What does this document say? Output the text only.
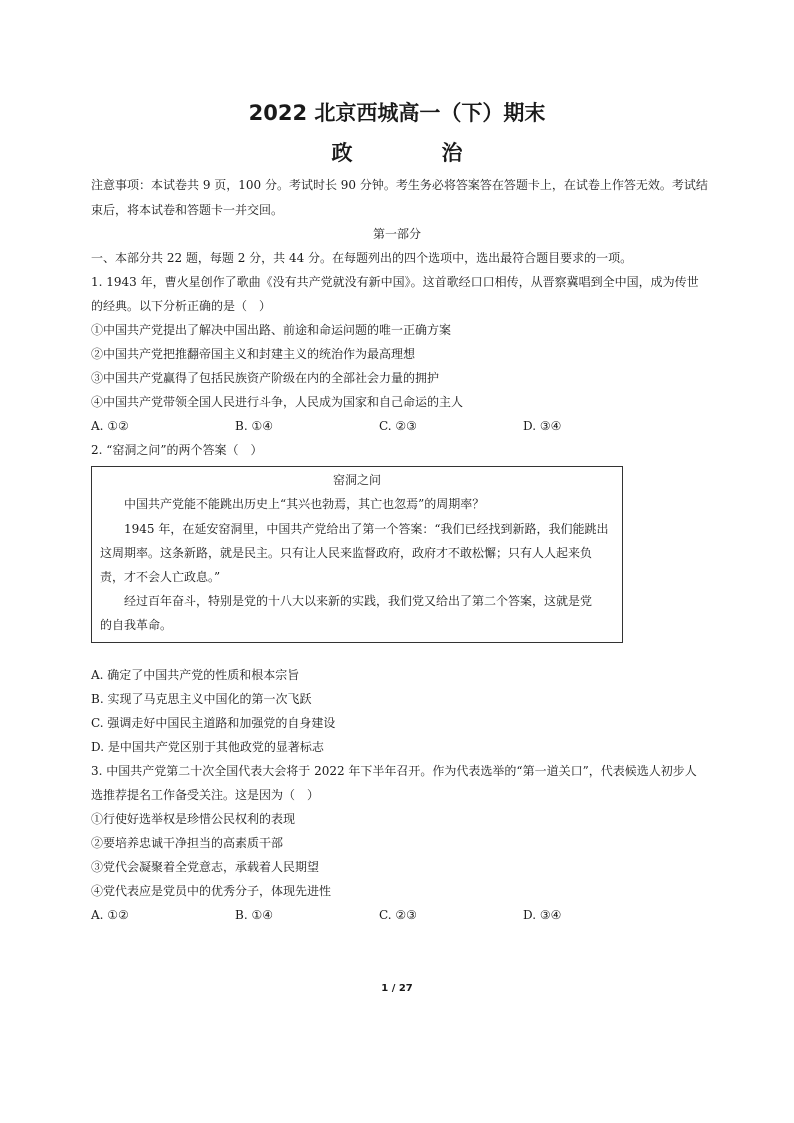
2022 北京西城高一（下）期末
政　治
注意事项：本试卷共 9 页，100 分。考试时长 90 分钟。考生务必将答案答在答题卡上，在试卷上作答无效。考试结
束后，将本试卷和答题卡一并交回。
第一部分
一、本部分共 22 题，每题 2 分，共 44 分。在每题列出的四个选项中，选出最符合题目要求的一项。
1. 1943 年，曹火星创作了歌曲《没有共产党就没有新中国》。这首歌经口口相传，从晋察冀唱到全中国，成为传世
的经典。以下分析正确的是（　）
①中国共产党提出了解决中国出路、前途和命运问题的唯一正确方案
②中国共产党把推翻帝国主义和封建主义的统治作为最高理想
③中国共产党赢得了包括民族资产阶级在内的全部社会力量的拥护
④中国共产党带领全国人民进行斗争，人民成为国家和自己命运的主人
A. ①②	B. ①④	C. ②③	D. ③④
2. “窑洞之问”的两个答案（　）
窑洞之问
中国共产党能不能跳出历史上“其兴也勃焉，其亡也忽焉”的周期率？
1945 年，在延安窑洞里，中国共产党给出了第一个答案：“我们已经找到新路，我们能跳出
这周期率。这条新路，就是民主。只有让人民来监督政府，政府才不敢松懈；只有人人起来负
责，才不会人亡政息。”
经过百年奋斗，特别是党的十八大以来新的实践，我们党又给出了第二个答案，这就是党
的自我革命。
A. 确定了中国共产党的性质和根本宗旨
B. 实现了马克思主义中国化的第一次飞跃
C. 强调走好中国民主道路和加强党的自身建设
D. 是中国共产党区别于其他政党的显著标志
3. 中国共产党第二十次全国代表大会将于 2022 年下半年召开。作为代表选举的“第一道关口”，代表候选人初步人
选推荐提名工作备受关注。这是因为（　）
①行使好选举权是珍惜公民权利的表现
②要培养忠诚干净担当的高素质干部
③党代会凝聚着全党意志，承载着人民期望
④党代表应是党员中的优秀分子，体现先进性
A. ①②	B. ①④	C. ②③	D. ③④
1 / 27
